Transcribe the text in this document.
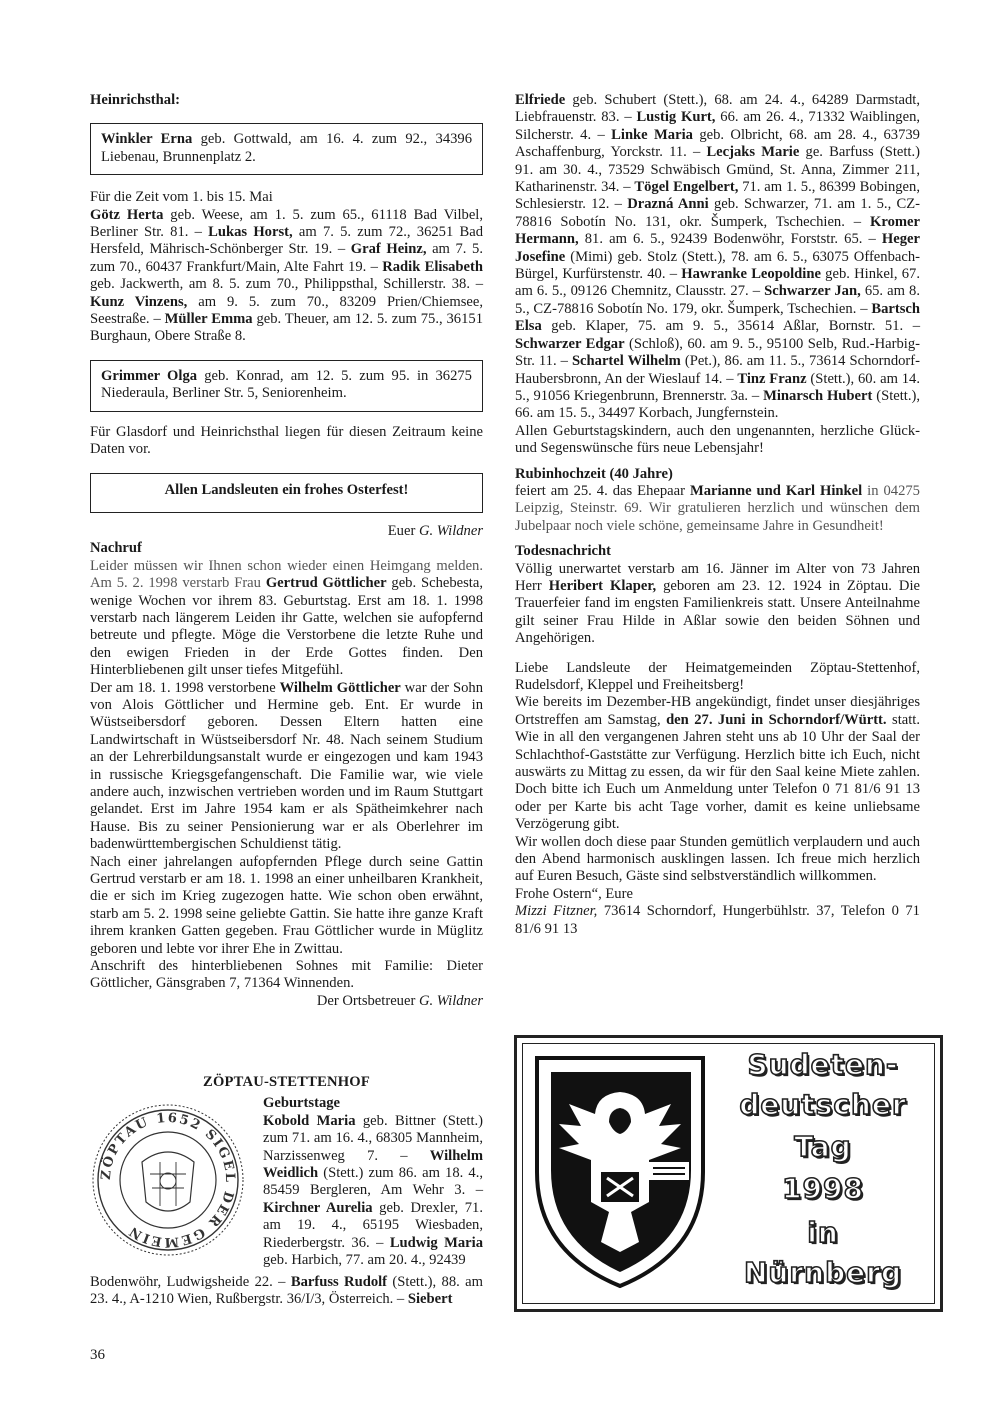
Heinrichsthal:

Winkler Erna geb. Gottwald, am 16. 4. zum 92., 34396 Liebenau, Brunnenplatz 2.

Für die Zeit vom 1. bis 15. Mai

Götz Herta geb. Weese, am 1. 5. zum 65., 61118 Bad Vilbel, Berliner Str. 81. – Lukas Horst, am 7. 5. zum 72., 36251 Bad Hersfeld, Mährisch-Schönberger Str. 19. – Graf Heinz, am 7. 5. zum 70., 60437 Frankfurt/Main, Alte Fahrt 19. – Radik Elisabeth geb. Jackwerth, am 8. 5. zum 70., Philippsthal, Schillerstr. 38. – Kunz Vinzens, am 9. 5. zum 70., 83209 Prien/Chiemsee, Seestraße. – Müller Emma geb. Theuer, am 12. 5. zum 75., 36151 Burghaun, Obere Straße 8.

Grimmer Olga geb. Konrad, am 12. 5. zum 95. in 36275 Niederaula, Berliner Str. 5, Seniorenheim.

Für Glasdorf und Heinrichsthal liegen für diesen Zeitraum keine Daten vor.

Allen Landsleuten ein frohes Osterfest!

Euer G. Wildner

Nachruf

Leider müssen wir Ihnen schon wieder einen Heimgang melden. Am 5. 2. 1998 verstarb Frau Gertrud Göttlicher geb. Schebesta, wenige Wochen vor ihrem 83. Geburtstag. Erst am 18. 1. 1998 verstarb nach längerem Leiden ihr Gatte, welchen sie aufopfernd betreute und pflegte. Möge die Verstorbene die letzte Ruhe und den ewigen Frieden in der Erde Gottes finden. Den Hinterbliebenen gilt unser tiefes Mitgefühl.

Der am 18. 1. 1998 verstorbene Wilhelm Göttlicher war der Sohn von Alois Göttlicher und Hermine geb. Ent. Er wurde in Wüstseibersdorf geboren. Dessen Eltern hatten eine Landwirtschaft in Wüstseibersdorf Nr. 48. Nach seinem Studium an der Lehrerbildungsanstalt wurde er eingezogen und kam 1943 in russische Kriegsgefangenschaft. Die Familie war, wie viele andere auch, inzwischen vertrieben worden und im Raum Stuttgart gelandet. Erst im Jahre 1954 kam er als Spätheimkehrer nach Hause. Bis zu seiner Pensionierung war er als Oberlehrer im badenwürttembergischen Schuldienst tätig.

Nach einer jahrelangen aufopfernden Pflege durch seine Gattin Gertrud verstarb er am 18. 1. 1998 an einer unheilbaren Krankheit, die er sich im Krieg zugezogen hatte. Wie schon oben erwähnt, starb am 5. 2. 1998 seine geliebte Gattin. Sie hatte ihre ganze Kraft ihrem kranken Gatten gegeben. Frau Göttlicher wurde in Müglitz geboren und lebte vor ihrer Ehe in Zwittau.

Anschrift des hinterbliebenen Sohnes mit Familie: Dieter Göttlicher, Gänsgraben 7, 71364 Winnenden.

Der Ortsbetreuer G. Wildner

ZÖPTAU-STETTENHOF

ZÖPTAU 1652 SIGEL DER GEMEIN

Geburtstage

Kobold Maria geb. Bittner (Stett.) zum 71. am 16. 4., 68305 Mannheim, Narzissenweg 7. – Wilhelm Weidlich (Stett.) zum 86. am 18. 4., 85459 Bergleren, Am Wehr 3. – Kirchner Aurelia geb. Drexler, 71. am 19. 4., 65195 Wiesbaden, Riederbergstr. 36. – Ludwig Maria geb. Harbich, 77. am 20. 4., 92439

Bodenwöhr, Ludwigsheide 22. – Barfuss Rudolf (Stett.), 88. am 23. 4., A-1210 Wien, Rußbergstr. 36/I/3, Österreich. – Siebert

Elfriede geb. Schubert (Stett.), 68. am 24. 4., 64289 Darmstadt, Liebfrauenstr. 83. – Lustig Kurt, 66. am 26. 4., 71332 Waiblingen, Silcherstr. 4. – Linke Maria geb. Olbricht, 68. am 28. 4., 63739 Aschaffenburg, Yorckstr. 11. – Lecjaks Marie ge. Barfuss (Stett.) 91. am 30. 4., 73529 Schwäbisch Gmünd, St. Anna, Zimmer 211, Katharinenstr. 34. – Tögel Engelbert, 71. am 1. 5., 86399 Bobingen, Schlesierstr. 12. – Drazná Anni geb. Schwarzer, 71. am 1. 5., CZ-78816 Sobotín No. 131, okr. Šumperk, Tschechien. – Kromer Hermann, 81. am 6. 5., 92439 Bodenwöhr, Forststr. 65. – Heger Josefine (Mimi) geb. Stolz (Stett.), 78. am 6. 5., 63075 Offenbach-Bürgel, Kurfürstenstr. 40. – Hawranke Leopoldine geb. Hinkel, 67. am 6. 5., 09126 Chemnitz, Clausstr. 27. – Schwarzer Jan, 65. am 8. 5., CZ-78816 Sobotín No. 179, okr. Šumperk, Tschechien. – Bartsch Elsa geb. Klaper, 75. am 9. 5., 35614 Aßlar, Bornstr. 51. – Schwarzer Edgar (Schloß), 60. am 9. 5., 95100 Selb, Rud.-Harbig-Str. 11. – Schartel Wilhelm (Pet.), 86. am 11. 5., 73614 Schorndorf-Haubersbronn, An der Wieslauf 14. – Tinz Franz (Stett.), 60. am 14. 5., 91056 Kriegenbrunn, Brennerstr. 3a. – Minarsch Hubert (Stett.), 66. am 15. 5., 34497 Korbach, Jungfernstein.

Allen Geburtstagskindern, auch den ungenannten, herzliche Glück- und Segenswünsche fürs neue Lebensjahr!

Rubinhochzeit (40 Jahre)

feiert am 25. 4. das Ehepaar Marianne und Karl Hinkel in 04275 Leipzig, Steinstr. 69. Wir gratulieren herzlich und wünschen dem Jubelpaar noch viele schöne, gemeinsame Jahre in Gesundheit!

Todesnachricht

Völlig unerwartet verstarb am 16. Jänner im Alter von 73 Jahren Herr Heribert Klaper, geboren am 23. 12. 1924 in Zöptau. Die Trauerfeier fand im engsten Familienkreis statt. Unsere Anteilnahme gilt seiner Frau Hilde in Aßlar sowie den beiden Söhnen und Angehörigen.

Liebe Landsleute der Heimatgemeinden Zöptau-Stettenhof, Rudelsdorf, Kleppel und Freiheitsberg!

Wie bereits im Dezember-HB angekündigt, findet unser diesjähriges Ortstreffen am Samstag, den 27. Juni in Schorndorf/Württ. statt. Wie in all den vergangenen Jahren steht uns ab 10 Uhr der Saal der Schlachthof-Gaststätte zur Verfügung. Herzlich bitte ich Euch, nicht auswärts zu Mittag zu essen, da wir für den Saal keine Miete zahlen. Doch bitte ich Euch um Anmeldung unter Telefon 0 71 81/6 91 13 oder per Karte bis acht Tage vorher, damit es keine unliebsame Verzögerung gibt.

Wir wollen doch diese paar Stunden gemütlich verplaudern und auch den Abend harmonisch ausklingen lassen. Ich freue mich herzlich auf Euren Besuch, Gäste sind selbstverständlich willkommen.

Frohe Ostern“, Eure

Mizzi Fitzner, 73614 Schorndorf, Hungerbühlstr. 37, Telefon 0 71 81/6 91 13

Sudeten-
deutscher
Tag
1998
in
Nürnberg
36
